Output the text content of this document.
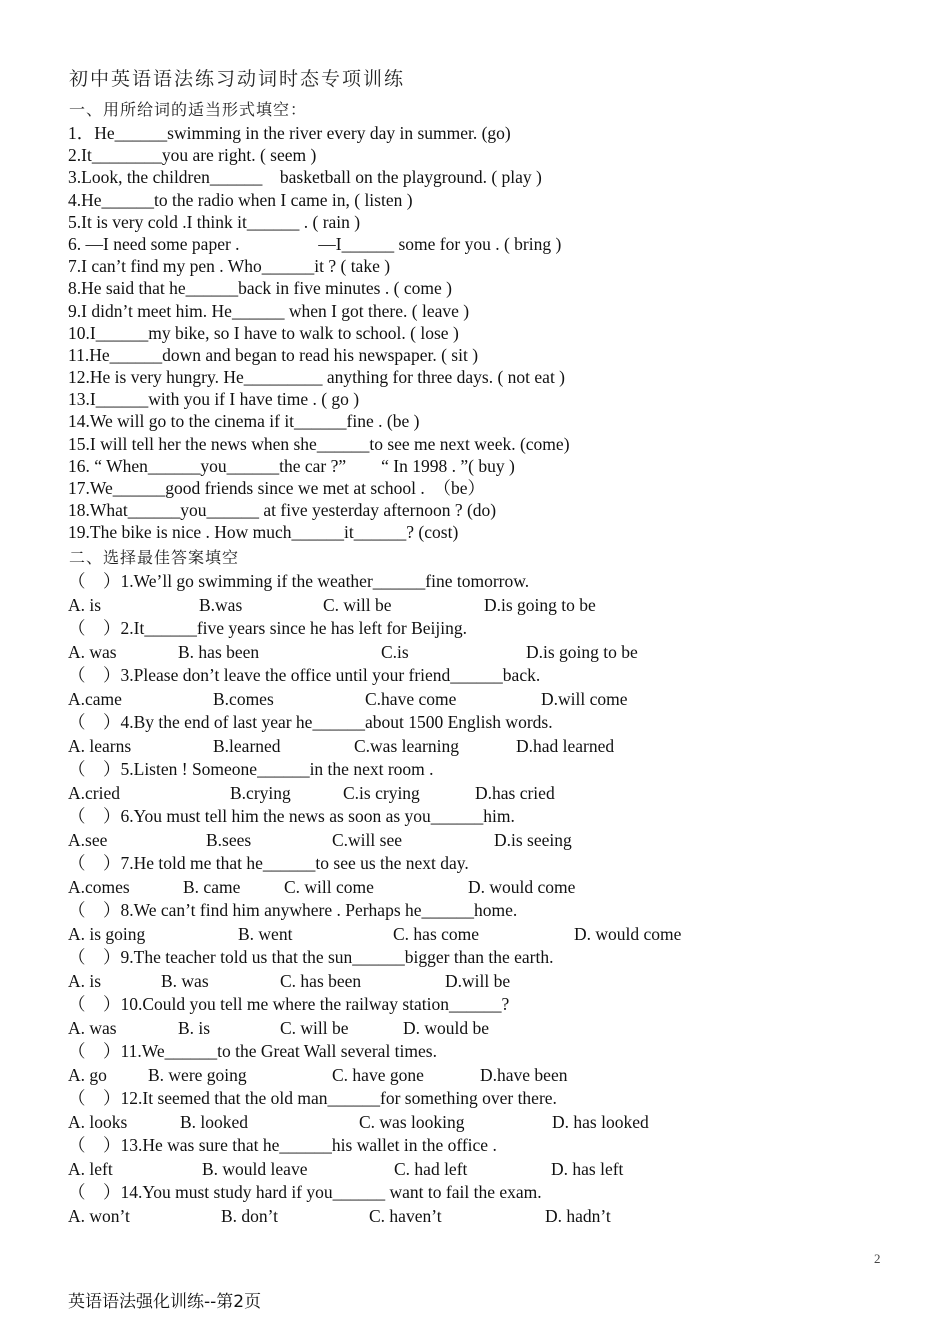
初中英语语法练习动词时态专项训练
一、用所给词的适当形式填空：
1．He______swimming in the river every day in summer. (go)
2.It________you are right. ( seem )
3.Look, the children______    basketball on the playground. ( play )
4.He______to the radio when I came in, ( listen )
5.It is very cold .I think it______ . ( rain )
6. —I need some paper .                  —I______ some for you . ( bring )
7.I can’t find my pen . Who______it ? ( take )
8.He said that he______back in five minutes . ( come )
9.I didn’t meet him. He______ when I got there. ( leave )
10.I______my bike, so I have to walk to school. ( lose )
11.He______down and began to read his newspaper. ( sit )
12.He is very hungry. He_________ anything for three days. ( not eat )
13.I______with you if I have time . ( go )
14.We will go to the cinema if it______fine . (be )
15.I will tell her the news when she______to see me next week. (come)
16. “ When______you______the car ?”        “ In 1998 . ”( buy )
17.We______good friends since we met at school .  （be）
18.What______you______ at five yesterday afternoon ? (do)
19.The bike is nice . How much______it______? (cost)
二、选择最佳答案填空
（    ）1.We’ll go swimming if the weather______fine tomorrow.
A. is	B.was	C. will be	D.is going to be
（    ）2.It______five years since he has left for Beijing.
A. was	B. has been	C.is	D.is going to be
（    ）3.Please don’t leave the office until your friend______back.
A.came	B.comes	C.have come	D.will come
（    ）4.By the end of last year he______about 1500 English words.
A. learns	B.learned	C.was learning	D.had learned
（    ）5.Listen ! Someone______in the next room .
A.cried	B.crying	C.is crying	D.has cried
（    ）6.You must tell him the news as soon as you______him.
A.see	B.sees	C.will see	D.is seeing
（    ）7.He told me that he______to see us the next day.
A.comes	B. came C. will come	D. would come
（    ）8.We can’t find him anywhere . Perhaps he______home.
A. is going	B. went	C. has come	D. would come
（    ）9.The teacher told us that the sun______bigger than the earth.
A. is	B. was	C. has been	D.will be
（    ）10.Could you tell me where the railway station______?
A. was	B. is	C. will be	D. would be
（    ）11.We______to the Great Wall several times.
A. go B. were going	C. have gone	D.have been
（    ）12.It seemed that the old man______for something over there.
A. looks	B. looked	C. was looking	D. has looked
（    ）13.He was sure that he______his wallet in the office .
A. left	B. would leave	C. had left	D. has left
（    ）14.You must study hard if you______ want to fail the exam.
A. won’t	B. don’t	C. haven’t	D. hadn’t
2
英语语法强化训练--第2页
